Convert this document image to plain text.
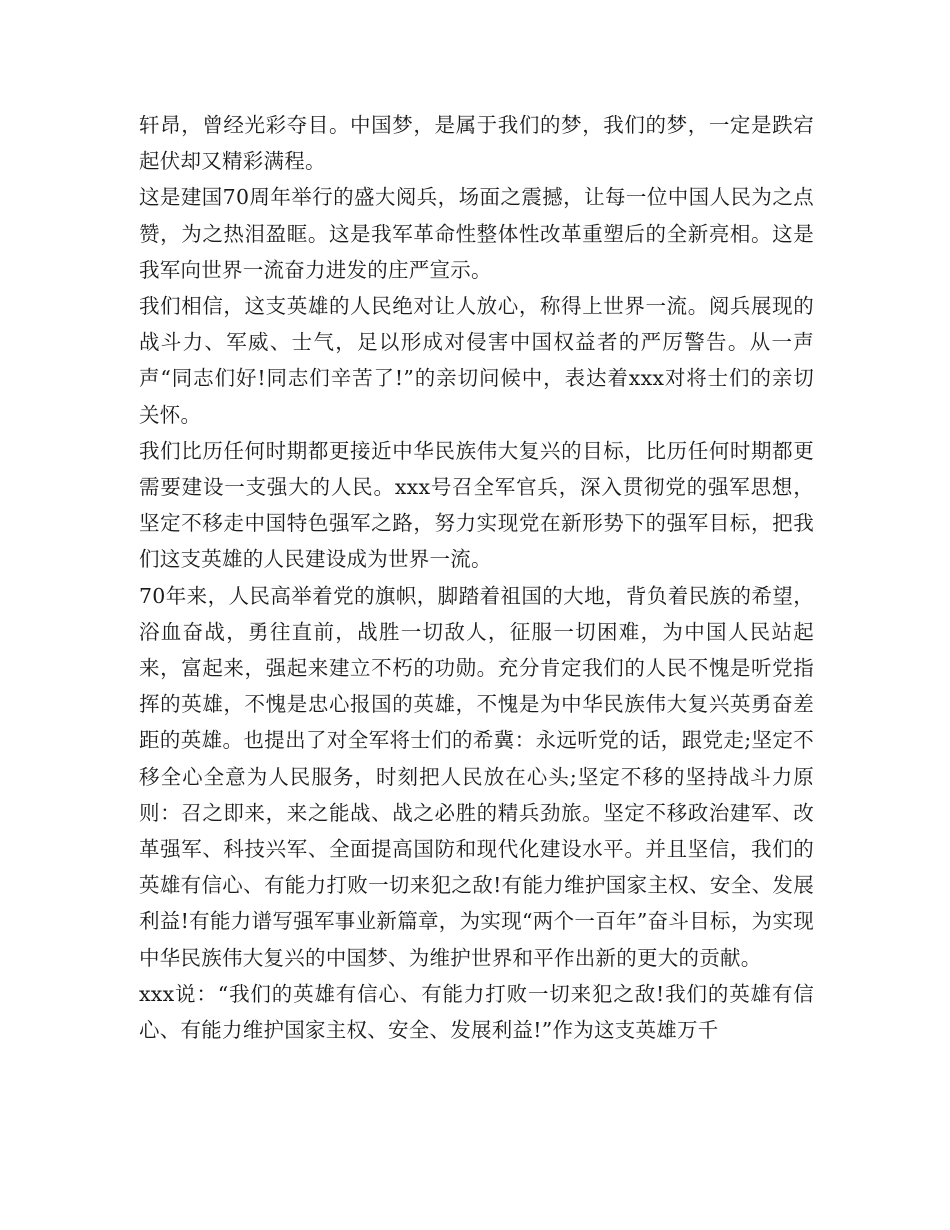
轩昂，曾经光彩夺目。中国梦，是属于我们的梦，我们的梦，一定是跌宕起伏却又精彩满程。

这是建国70周年举行的盛大阅兵，场面之震撼，让每一位中国人民为之点赞，为之热泪盈眶。这是我军革命性整体性改革重塑后的全新亮相。这是我军向世界一流奋力进发的庄严宣示。

我们相信，这支英雄的人民绝对让人放心，称得上世界一流。阅兵展现的战斗力、军威、士气，足以形成对侵害中国权益者的严厉警告。从一声声“同志们好!同志们辛苦了!”的亲切问候中，表达着xxx对将士们的亲切关怀。

我们比历任何时期都更接近中华民族伟大复兴的目标，比历任何时期都更需要建设一支强大的人民。xxx号召全军官兵，深入贯彻党的强军思想，坚定不移走中国特色强军之路，努力实现党在新形势下的强军目标，把我们这支英雄的人民建设成为世界一流。

70年来，人民高举着党的旗帜，脚踏着祖国的大地，背负着民族的希望，浴血奋战，勇往直前，战胜一切敌人，征服一切困难，为中国人民站起来，富起来，强起来建立不朽的功勋。充分肯定我们的人民不愧是听党指挥的英雄，不愧是忠心报国的英雄，不愧是为中华民族伟大复兴英勇奋差距的英雄。也提出了对全军将士们的希冀：永远听党的话，跟党走;坚定不移全心全意为人民服务，时刻把人民放在心头;坚定不移的坚持战斗力原则：召之即来，来之能战、战之必胜的精兵劲旅。坚定不移政治建军、改革强军、科技兴军、全面提高国防和现代化建设水平。并且坚信，我们的英雄有信心、有能力打败一切来犯之敌!有能力维护国家主权、安全、发展利益!有能力谱写强军事业新篇章，为实现“两个一百年”奋斗目标，为实现中华民族伟大复兴的中国梦、为维护世界和平作出新的更大的贡献。

xxx说：“我们的英雄有信心、有能力打败一切来犯之敌!我们的英雄有信心、有能力维护国家主权、安全、发展利益!”作为这支英雄万千
